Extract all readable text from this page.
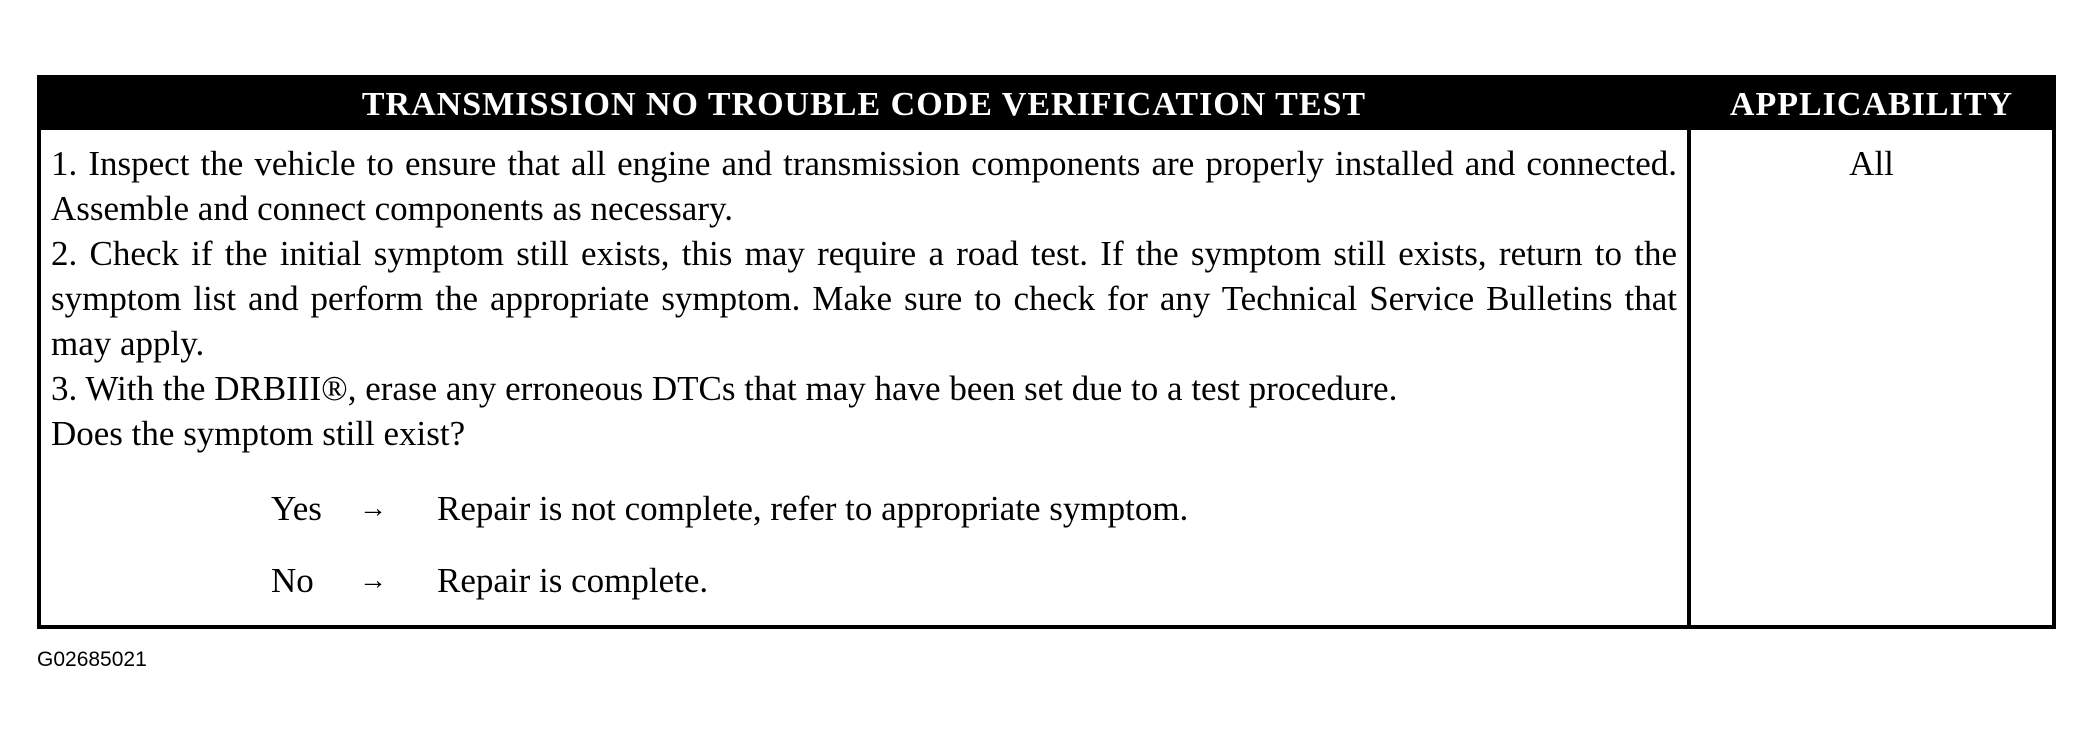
TRANSMISSION NO TROUBLE CODE VERIFICATION TEST	APPLICABILITY

1. Inspect the vehicle to ensure that all engine and transmission components are properly installed and connected. Assemble and connect components as necessary.

2. Check if the initial symptom still exists, this may require a road test. If the symptom still exists, return to the symptom list and perform the appropriate symptom. Make sure to check for any Technical Service Bulletins that may apply.

3. With the DRBIII®, erase any erroneous DTCs that may have been set due to a test procedure.

Does the symptom still exist?

Yes	→	Repair is not complete, refer to appropriate symptom.
No	→	Repair is complete.
All
G02685021
